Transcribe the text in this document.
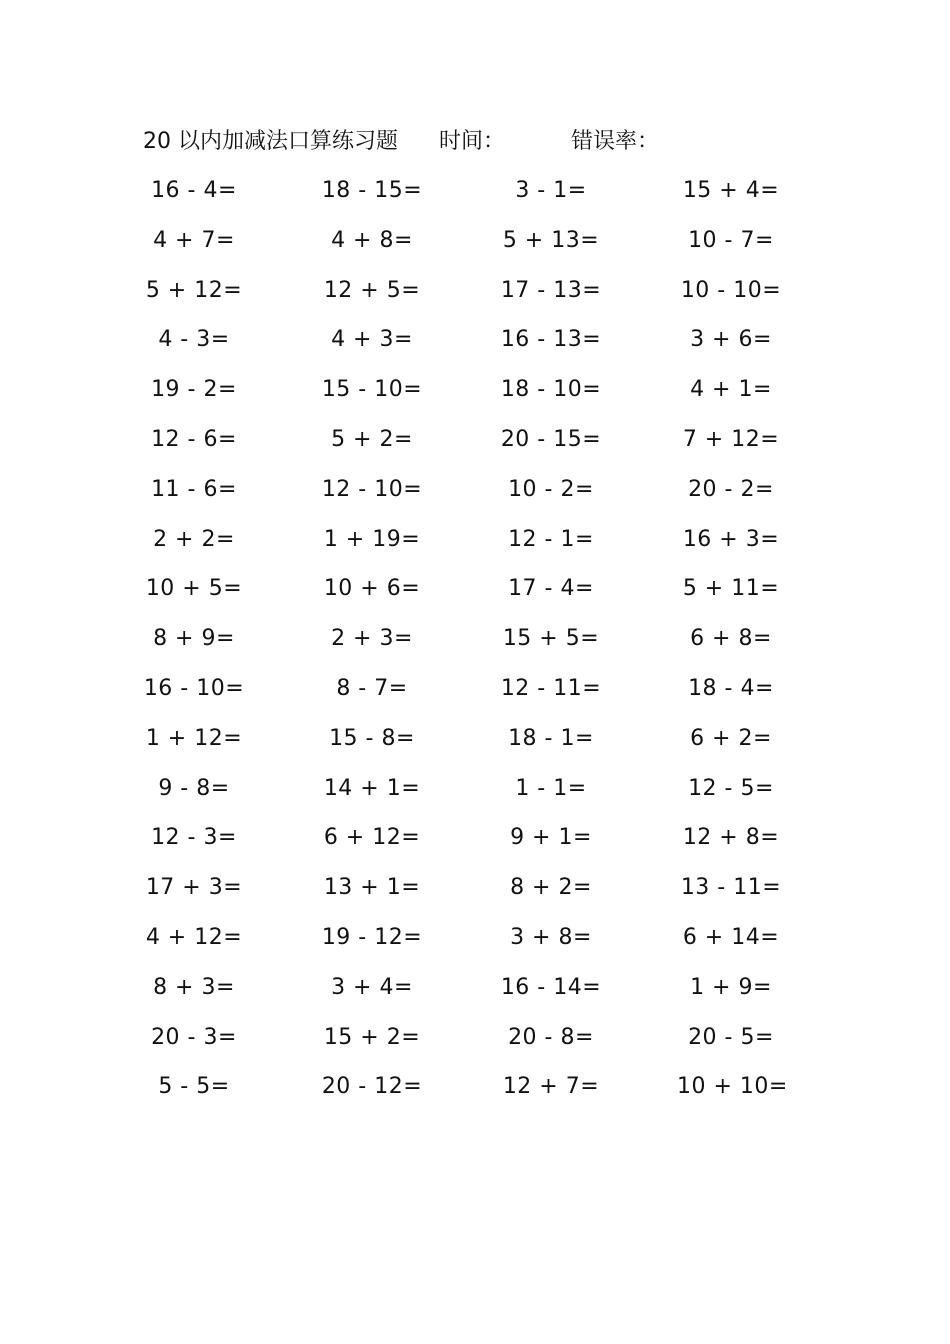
20 以内加减法口算练习题 时间：	错误率：
16 - 4=	18 - 15=	3 - 1=	15 + 4=
4 + 7=	4 + 8=	5 + 13=	10 - 7=
5 + 12=	12 + 5=	17 - 13=	10 - 10=
4 - 3=	4 + 3=	16 - 13=	3 + 6=
19 - 2=	15 - 10=	18 - 10=	4 + 1=
12 - 6=	5 + 2=	20 - 15=	7 + 12=
11 - 6=	12 - 10=	10 - 2=	20 - 2=
2 + 2=	1 + 19=	12 - 1=	16 + 3=
10 + 5=	10 + 6=	17 - 4=	5 + 11=
8 + 9=	2 + 3=	15 + 5=	6 + 8=
16 - 10=	8 - 7=	12 - 11=	18 - 4=
1 + 12=	15 - 8=	18 - 1=	6 + 2=
9 - 8=	14 + 1=	1 - 1=	12 - 5=
12 - 3=	6 + 12=	9 + 1=	12 + 8=
17 + 3=	13 + 1=	8 + 2=	13 - 11=
4 + 12=	19 - 12=	3 + 8=	6 + 14=
8 + 3=	3 + 4=	16 - 14=	1 + 9=
20 - 3=	15 + 2=	20 - 8=	20 - 5=
5 - 5=	20 - 12=	12 + 7=	10 + 10=
